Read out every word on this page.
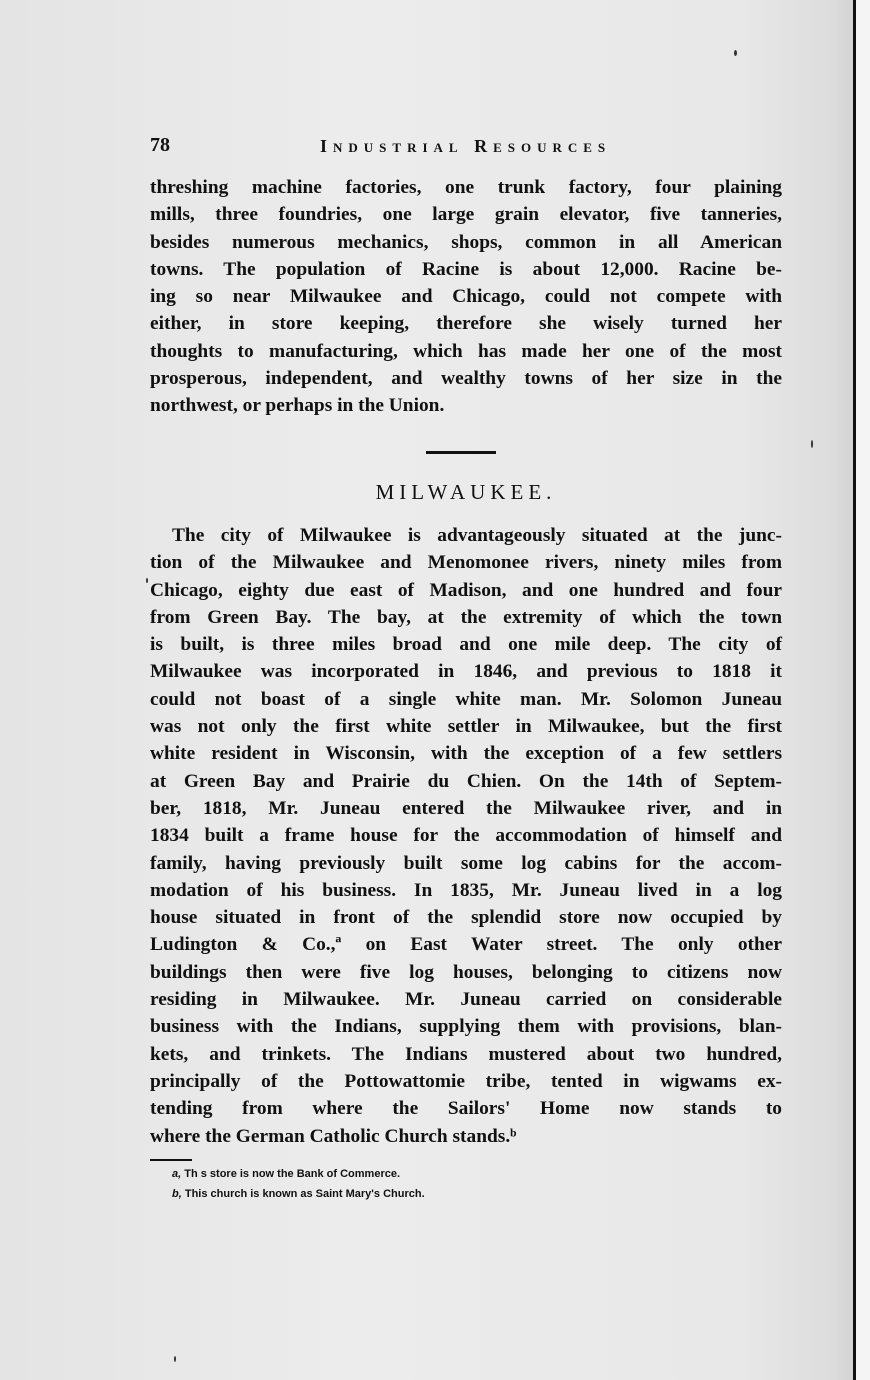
78	Industrial Resources
threshing machine factories, one trunk factory, four plaining
mills, three foundries, one large grain elevator, five tanneries,
besides numerous mechanics, shops, common in all American
towns. The population of Racine is about 12,000. Racine be-
ing so near Milwaukee and Chicago, could not compete with
either, in store keeping, therefore she wisely turned her
thoughts to manufacturing, which has made her one of the most
prosperous, independent, and wealthy towns of her size in the
northwest, or perhaps in the Union.
MILWAUKEE.
The city of Milwaukee is advantageously situated at the junc-
tion of the Milwaukee and Menomonee rivers, ninety miles from
Chicago, eighty due east of Madison, and one hundred and four
from Green Bay. The bay, at the extremity of which the town
is built, is three miles broad and one mile deep. The city of
Milwaukee was incorporated in 1846, and previous to 1818 it
could not boast of a single white man. Mr. Solomon Juneau
was not only the first white settler in Milwaukee, but the first
white resident in Wisconsin, with the exception of a few settlers
at Green Bay and Prairie du Chien. On the 14th of Septem-
ber, 1818, Mr. Juneau entered the Milwaukee river, and in
1834 built a frame house for the accommodation of himself and
family, having previously built some log cabins for the accom-
modation of his business. In 1835, Mr. Juneau lived in a log
house situated in front of the splendid store now occupied by
Ludington & Co.,ª on East Water street. The only other
buildings then were five log houses, belonging to citizens now
residing in Milwaukee. Mr. Juneau carried on considerable
business with the Indians, supplying them with provisions, blan-
kets, and trinkets. The Indians mustered about two hundred,
principally of the Pottowattomie tribe, tented in wigwams ex-
tending from where the Sailors' Home now stands to
where the German Catholic Church stands.ᵇ
a, Th s store is now the Bank of Commerce.
b, This church is known as Saint Mary's Church.
